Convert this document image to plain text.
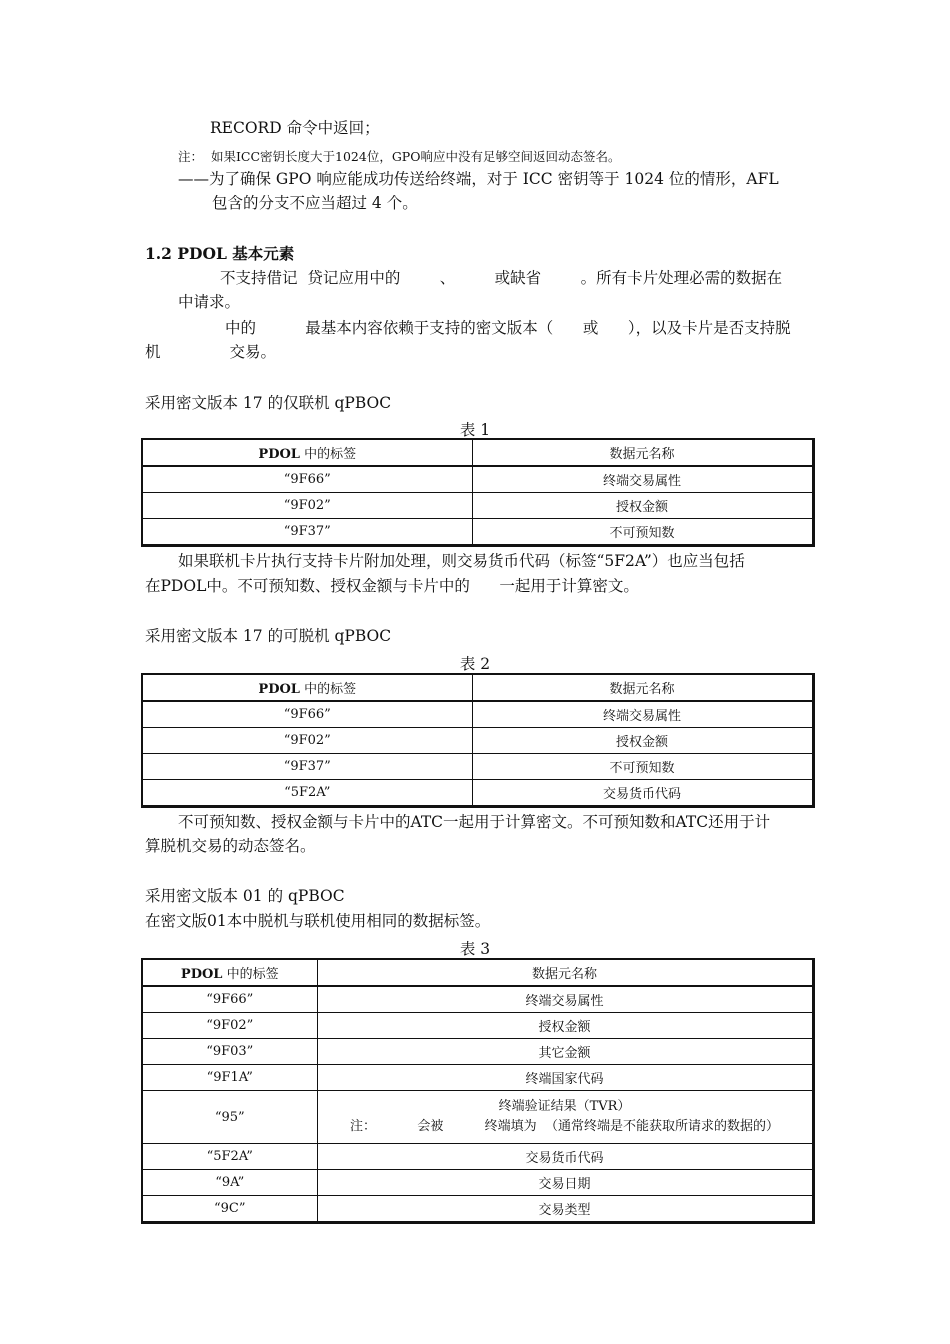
RECORD 命令中返回；
注：  如果ICC密钥长度大于1024位，GPO响应中没有足够空间返回动态签名。
——为了确保 GPO 响应能成功传送给终端，对于 ICC 密钥等于 1024 位的情形，AFL
包含的分支不应当超过 4 个。
1.2 PDOL 基本元素
不支持借记  贷记应用中的        、        或缺省        。所有卡片处理必需的数据在
中请求。
中的          最基本内容依赖于支持的密文版本（      或      ），以及卡片是否支持脱
机              交易。
采用密文版本 17 的仅联机 qPBOC
表 1
PDOL 中的标签	数据元名称
“9F66”	终端交易属性
“9F02”	授权金额
“9F37”	不可预知数
如果联机卡片执行支持卡片附加处理，则交易货币代码（标签“5F2A”）也应当包括
在PDOL中。不可预知数、授权金额与卡片中的      一起用于计算密文。
采用密文版本 17 的可脱机 qPBOC
表 2
PDOL 中的标签	数据元名称
“9F66”	终端交易属性
“9F02”	授权金额
“9F37”	不可预知数
“5F2A”	交易货币代码
不可预知数、授权金额与卡片中的ATC一起用于计算密文。不可预知数和ATC还用于计
算脱机交易的动态签名。
采用密文版本 01 的 qPBOC
在密文版01本中脱机与联机使用相同的数据标签。
表 3
PDOL 中的标签	数据元名称
“9F66”	终端交易属性
“9F02”	授权金额
“9F03”	其它金额
“9F1A”	终端国家代码
“95”	终端验证结果（TVR）
注：          会被          终端填为  （通常终端是不能获取所请求的数据的）

“5F2A”	交易货币代码
“9A”	交易日期
“9C”	交易类型
